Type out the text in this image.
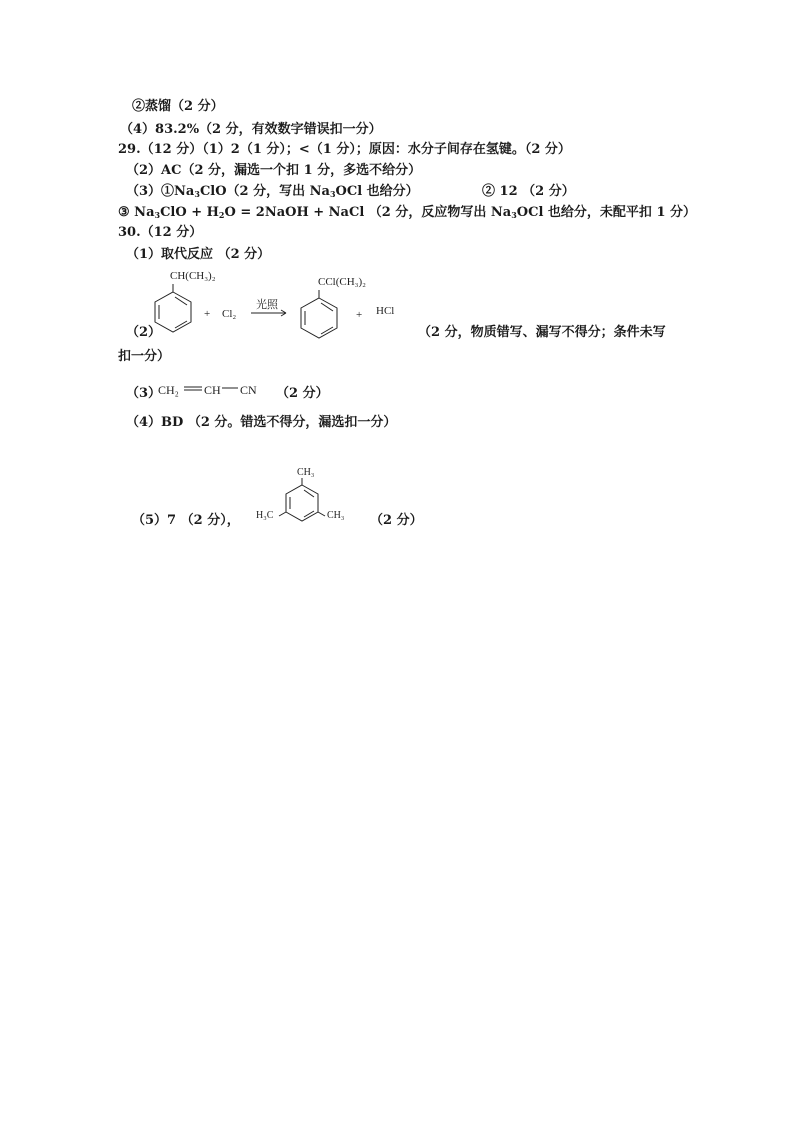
②蒸馏（2 分）
（4）83.2%（2 分，有效数字错误扣一分）
29.（12 分）（1）2（1 分）；<（1 分）；原因：水分子间存在氢键。（2 分）
（2）AC（2 分，漏选一个扣 1 分，多选不给分）
$(3)①Na_3ClO(2$ 分，写出 $Na_3OCl$ 也给分）	② 12 （2 分）
③ $Na_3ClO + H_2O$ = 2NaOH + NaCl （2 分，反应物写出 $Na_3OCl$ 也给分，未配平扣 1 分）
30.（12 分）
（1）取代反应 （2 分）
CH(CH₃)₂
+ Cl₂
光照
CCl(CH₃)₂
+ HCl
（2）	（2 分，物质错写、漏写不得分；条件未写
扣一分）
（3）
CH₂ CH CN （2 分）
（4）BD （2 分。错选不得分，漏选扣一分）
CH₃
H₃C	CH₃
（5）7 （2 分），	（2 分）
